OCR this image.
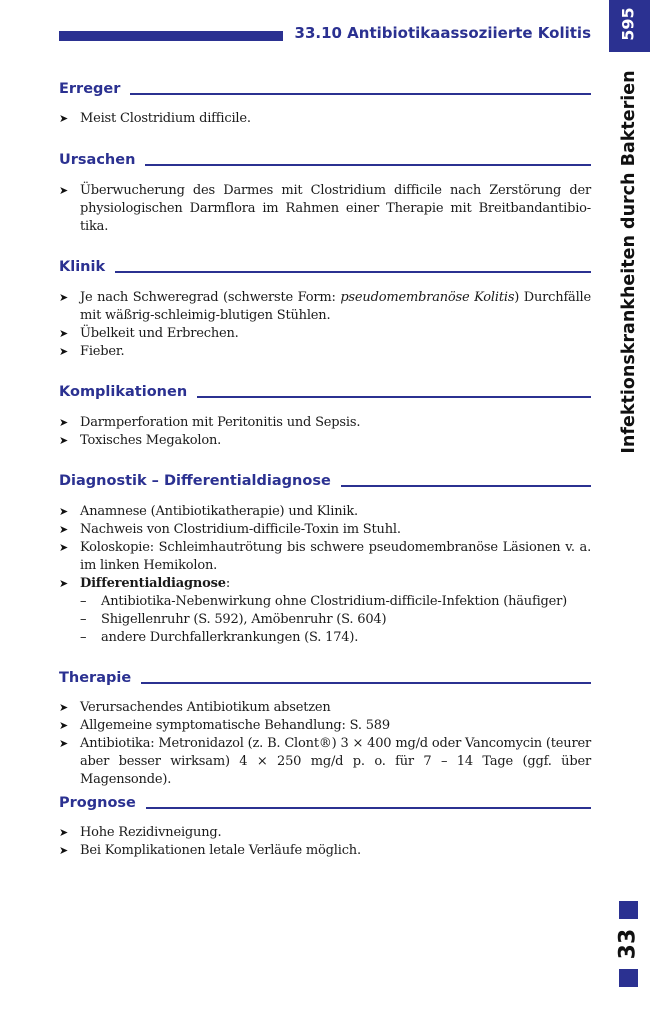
33.10 Antibiotikaassoziierte Kolitis 595
Infektionskrankheiten durch Bakterien
33
Erreger
➤ Meist Clostridium difficile.
Ursachen
➤ Überwucherung des Darmes mit Clostridium difficile nach Zerstörung der physiologischen Darmflora im Rahmen einer Therapie mit Breitbandantibio-tika.
Klinik
➤ Je nach Schweregrad (schwerste Form: pseudomembranöse Kolitis) Durchfälle mit wäßrig-schleimig-blutigen Stühlen.
➤ Übelkeit und Erbrechen.
➤ Fieber.
Komplikationen
➤ Darmperforation mit Peritonitis und Sepsis.
➤ Toxisches Megakolon.
Diagnostik – Differentialdiagnose
➤ Anamnese (Antibiotikatherapie) und Klinik.
➤ Nachweis von Clostridium-difficile-Toxin im Stuhl.
➤ Koloskopie: Schleimhautrötung bis schwere pseudomembranöse Läsionen v. a. im linken Hemikolon.
➤ Differentialdiagnose:
– Antibiotika-Nebenwirkung ohne Clostridium-difficile-Infektion (häufiger)
– Shigellenruhr (S. 592), Amöbenruhr (S. 604)
– andere Durchfallerkrankungen (S. 174).
Therapie
➤ Verursachendes Antibiotikum absetzen
➤ Allgemeine symptomatische Behandlung: S. 589
➤ Antibiotika: Metronidazol (z. B. Clont®) 3 × 400 mg/d oder Vancomycin (teurer aber besser wirksam) 4 × 250 mg/d p. o. für 7 – 14 Tage (ggf. über Magensonde).
Prognose
➤ Hohe Rezidivneigung.
➤ Bei Komplikationen letale Verläufe möglich.
